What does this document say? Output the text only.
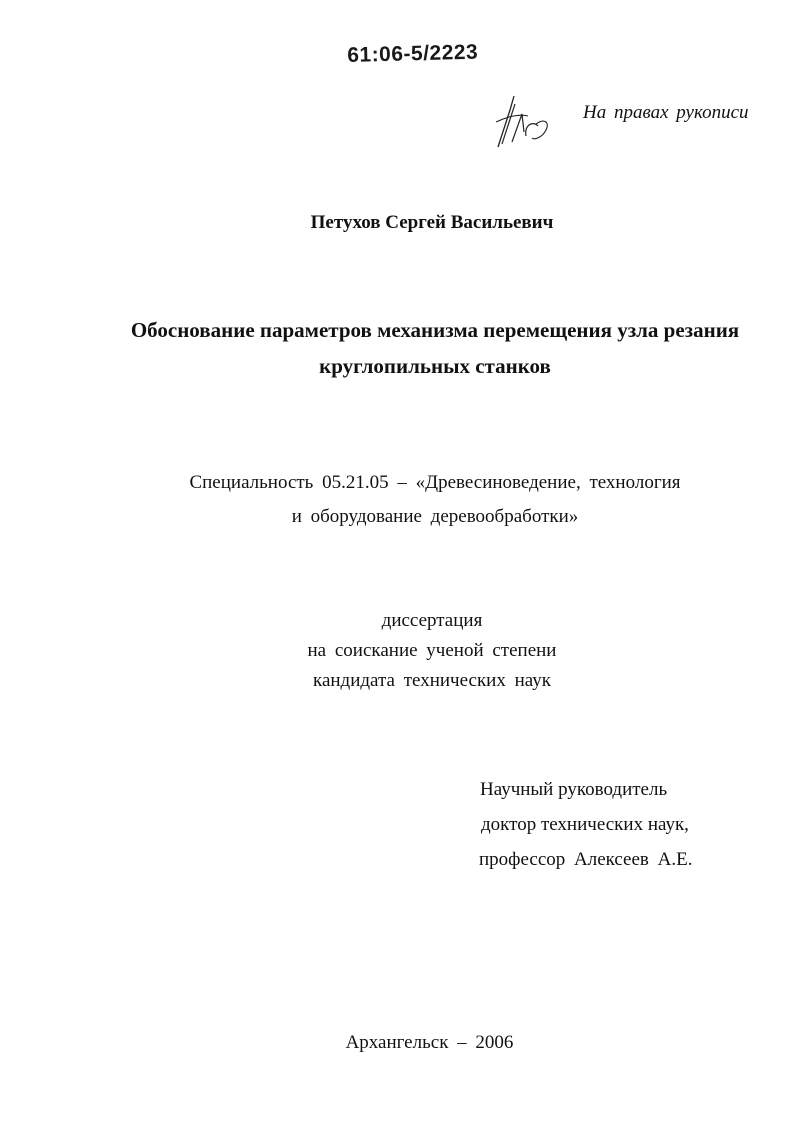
61:06-5/2223
На правах рукописи
Петухов Сергей Васильевич
Обоснование параметров механизма перемещения узла резания
круглопильных станков
Специальность 05.21.05 – «Древесиноведение, технология
и оборудование деревообработки»
диссертация
на соискание ученой степени
кандидата технических наук
Научный руководитель
доктор технических наук,
профессор Алексеев А.Е.
Архангельск – 2006
